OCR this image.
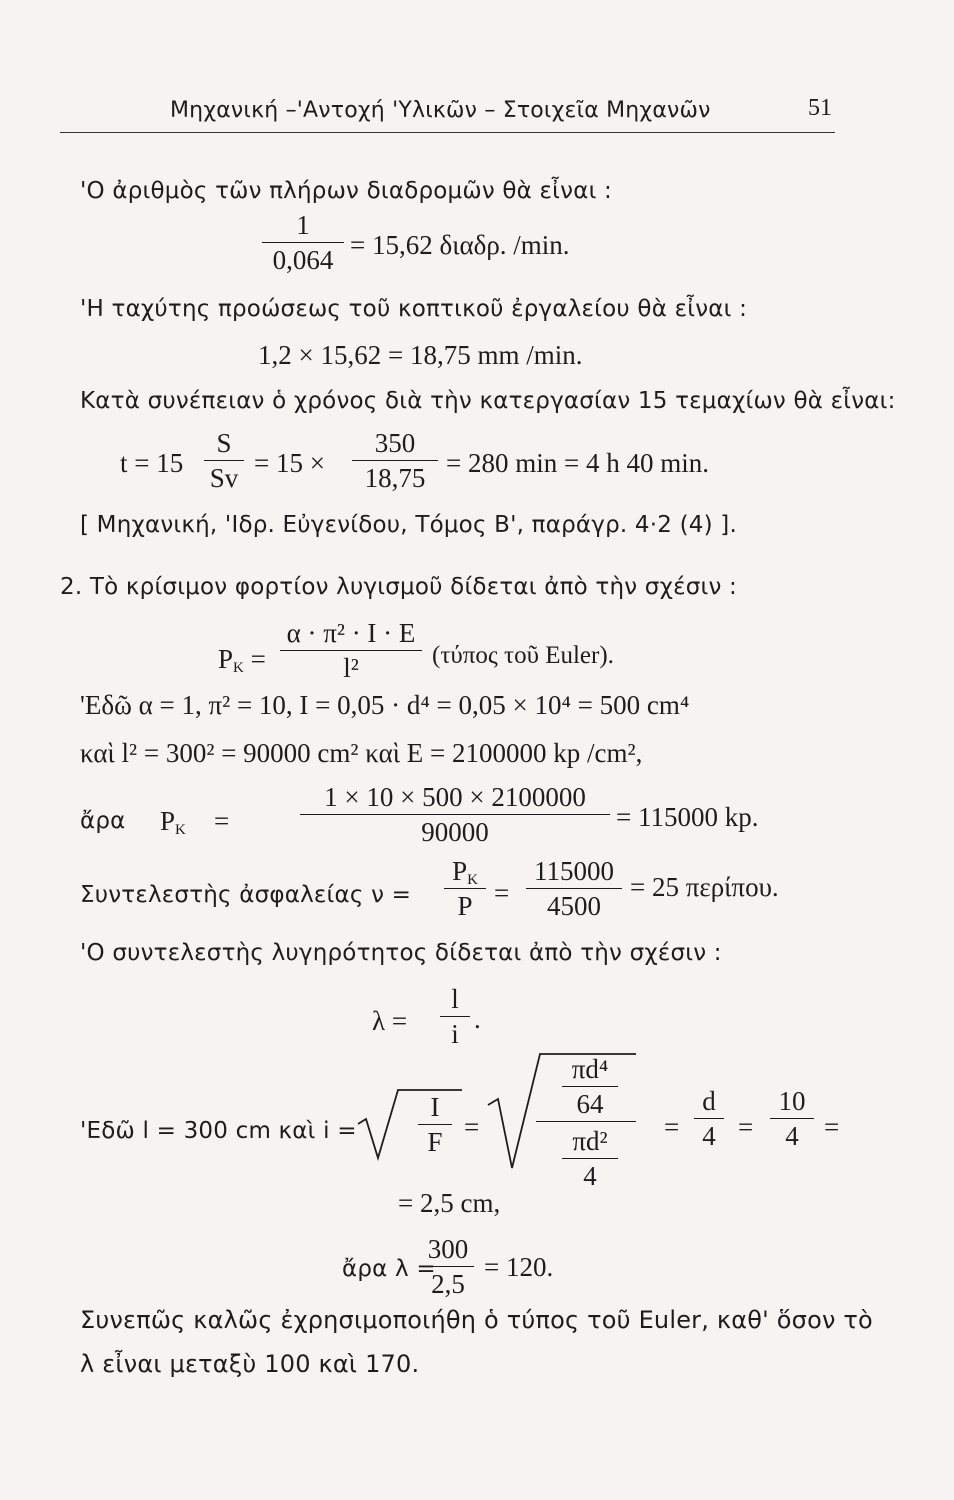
Μηχανική –'Αντοχή 'Υλικῶν – Στοιχεῖα Μηχανῶν	51
'Ο ἀριθμὸς τῶν πλήρων διαδρομῶν θὰ εἶναι :
1
0,064 = 15,62 διαδρ. /min.
'Η ταχύτης προώσεως τοῦ κοπτικοῦ ἐργαλείου θὰ εἶναι :
1,2 × 15,62 = 18,75 mm /min.
Κατὰ συνέπειαν ὁ χρόνος διὰ τὴν κατεργασίαν 15 τεμαχίων θὰ εἶναι:
t = 15
S
Sv = 15 ×
350
18,75 = 280 min = 4 h 40 min.
[ Μηχανική, 'Ιδρ. Εὐγενίδου, Τόμος Β', παράγρ. 4·2 (4) ].
2. Τὸ κρίσιμον φορτίον λυγισμοῦ δίδεται ἀπὸ τὴν σχέσιν :
$P_K$ =
α · π² · I · E
l²	(τύπος τοῦ Euler).
'Εδῶ α = 1, π² = 10, I = 0,05 · d⁴ = 0,05 × 10⁴ = 500 cm⁴
καὶ l² = 300² = 90000 cm² καὶ E = 2100000 kp /cm²,
ἄρα $P_K$ =
1 × 10 × 500 × 2100000
90000	= 115000 kp.
Συντελεστὴς ἀσφαλείας ν =
$P_K$
P =
115000
4500
= 25 περίπου.
'Ο συντελεστὴς λυγηρότητος δίδεται ἀπὸ τὴν σχέσιν :
λ =
l
i .
'Εδῶ l = 300 cm καὶ i =
I
F =
πd⁴
64
πd²
4
=
d
4 =
10
4 =
= 2,5 cm,
ἄρα λ =
300
2,5
= 120.
Συνεπῶς καλῶς ἐχρησιμοποιήθη ὁ τύπος τοῦ Euler, καθ' ὅσον τὸ
λ εἶναι μεταξὺ 100 καὶ 170.
